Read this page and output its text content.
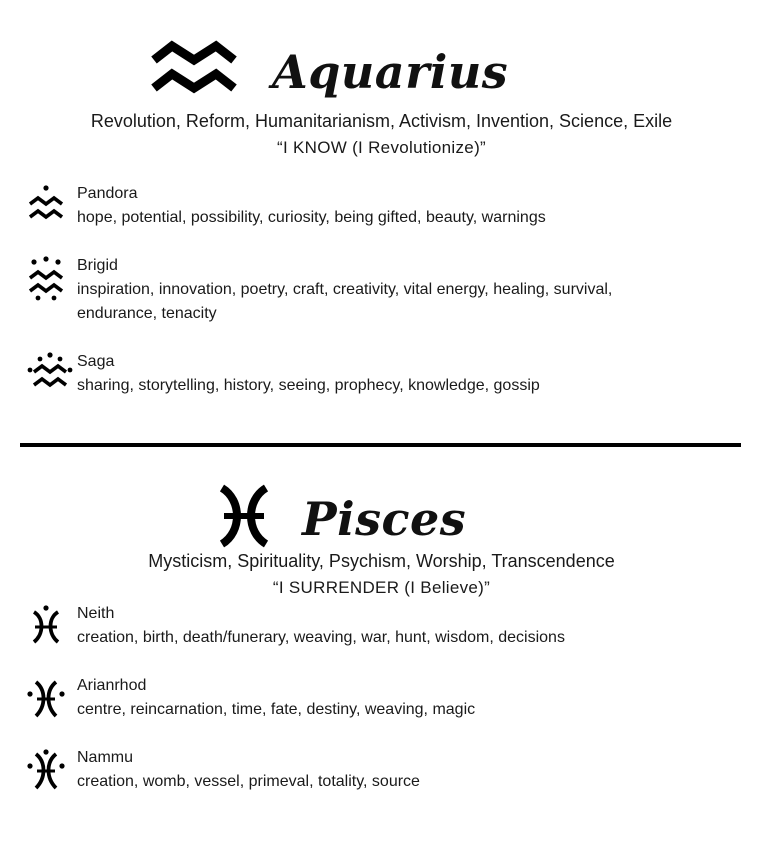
Aquarius
Revolution, Reform, Humanitarianism, Activism, Invention, Science, Exile
“I KNOW (I Revolutionize)”
Pandora
hope, potential, possibility, curiosity, being gifted, beauty, warnings
Brigid
inspiration, innovation, poetry, craft, creativity, vital energy, healing, survival, endurance, tenacity
Saga
sharing, storytelling, history, seeing, prophecy, knowledge, gossip
Pisces
Mysticism, Spirituality, Psychism, Worship, Transcendence
“I SURRENDER (I Believe)”
Neith
creation, birth, death/funerary, weaving, war, hunt, wisdom, decisions
Arianrhod
centre, reincarnation, time, fate, destiny, weaving, magic
Nammu
creation, womb, vessel, primeval, totality, source
